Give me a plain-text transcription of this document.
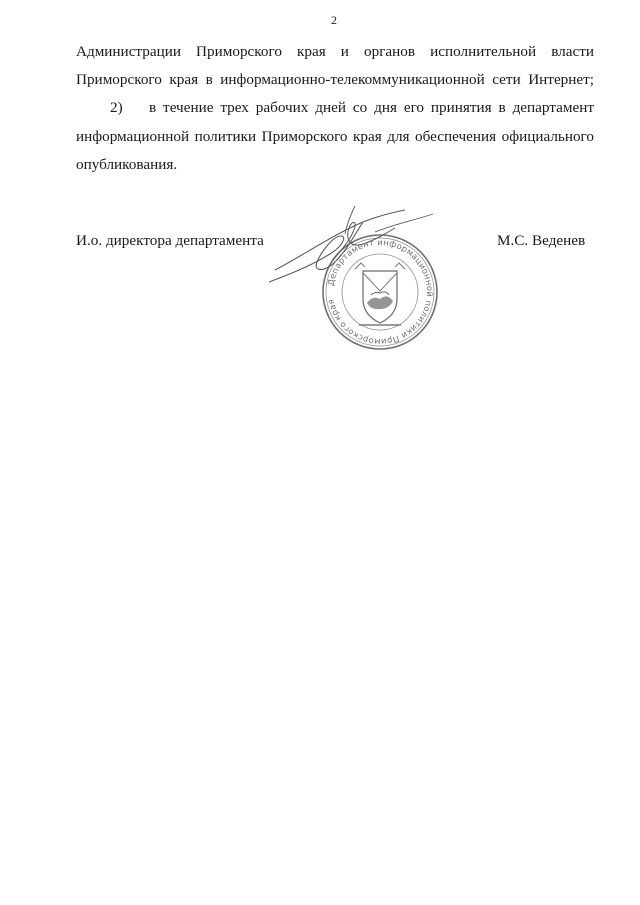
2
Администрации Приморского края и органов исполнительной власти
Приморского края в информационно-телекоммуникационной сети Интернет;
2) в течение трех рабочих дней со дня его принятия в департамент
информационной политики Приморского края для обеспечения официального
опубликования.
И.о. директора департамента	М.С. Веденев
Департамент информационной политики Приморского края
